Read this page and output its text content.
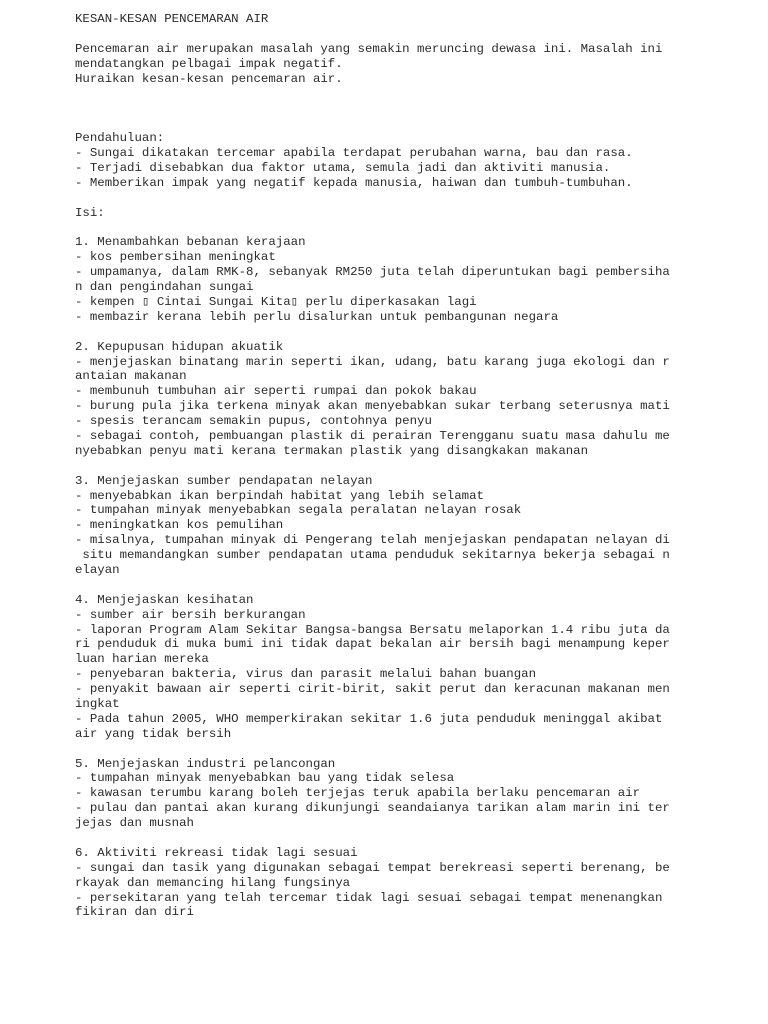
KESAN-KESAN PENCEMARAN AIR
Pencemaran air merupakan masalah yang semakin meruncing dewasa ini. Masalah ini
mendatangkan pelbagai impak negatif.
Huraikan kesan-kesan pencemaran air.
Pendahuluan:
- Sungai dikatakan tercemar apabila terdapat perubahan warna, bau dan rasa.
- Terjadi disebabkan dua faktor utama, semula jadi dan aktiviti manusia.
- Memberikan impak yang negatif kepada manusia, haiwan dan tumbuh-tumbuhan.
Isi:
1. Menambahkan bebanan kerajaan
- kos pembersihan meningkat
- umpamanya, dalam RMK-8, sebanyak RM250 juta telah diperuntukan bagi pembersiha
n dan pengindahan sungai
- kempen ▯ Cintai Sungai Kita▯ perlu diperkasakan lagi
- membazir kerana lebih perlu disalurkan untuk pembangunan negara
2. Kepupusan hidupan akuatik
- menjejaskan binatang marin seperti ikan, udang, batu karang juga ekologi dan r
antaian makanan
- membunuh tumbuhan air seperti rumpai dan pokok bakau
- burung pula jika terkena minyak akan menyebabkan sukar terbang seterusnya mati
- spesis terancam semakin pupus, contohnya penyu
- sebagai contoh, pembuangan plastik di perairan Terengganu suatu masa dahulu me
nyebabkan penyu mati kerana termakan plastik yang disangkakan makanan
3. Menjejaskan sumber pendapatan nelayan
- menyebabkan ikan berpindah habitat yang lebih selamat
- tumpahan minyak menyebabkan segala peralatan nelayan rosak
- meningkatkan kos pemulihan
- misalnya, tumpahan minyak di Pengerang telah menjejaskan pendapatan nelayan di
situ memandangkan sumber pendapatan utama penduduk sekitarnya bekerja sebagai n
elayan
4. Menjejaskan kesihatan
- sumber air bersih berkurangan
- laporan Program Alam Sekitar Bangsa-bangsa Bersatu melaporkan 1.4 ribu juta da
ri penduduk di muka bumi ini tidak dapat bekalan air bersih bagi menampung keper
luan harian mereka
- penyebaran bakteria, virus dan parasit melalui bahan buangan
- penyakit bawaan air seperti cirit-birit, sakit perut dan keracunan makanan men
ingkat
- Pada tahun 2005, WHO memperkirakan sekitar 1.6 juta penduduk meninggal akibat
air yang tidak bersih
5. Menjejaskan industri pelancongan
- tumpahan minyak menyebabkan bau yang tidak selesa
- kawasan terumbu karang boleh terjejas teruk apabila berlaku pencemaran air
- pulau dan pantai akan kurang dikunjungi seandaianya tarikan alam marin ini ter
jejas dan musnah
6. Aktiviti rekreasi tidak lagi sesuai
- sungai dan tasik yang digunakan sebagai tempat berekreasi seperti berenang, be
rkayak dan memancing hilang fungsinya
- persekitaran yang telah tercemar tidak lagi sesuai sebagai tempat menenangkan
fikiran dan diri
